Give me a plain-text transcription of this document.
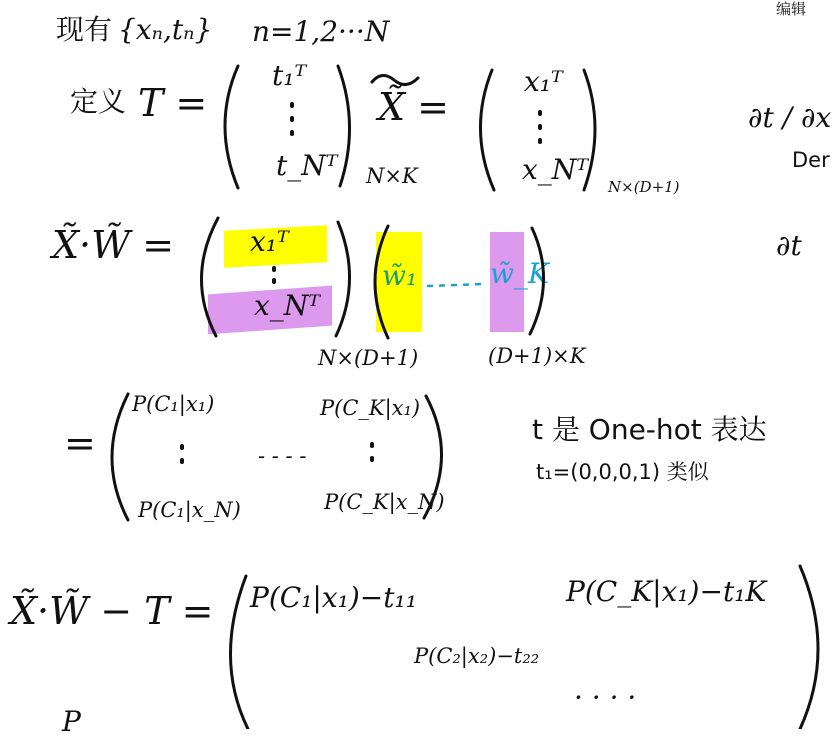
现有 {xₙ,tₙ} n=1,2···N
编辑
定义 T =
t₁ᵀ
t_Nᵀ N×K
X̃ =
x₁ᵀ
x_Nᵀ
N×(D+1)
∂t / ∂x
Der
∂t
X̃·W̃ =	x₁ᵀ
x_Nᵀ
w̃₁	w̃_K
N×(D+1)	(D+1)×K
=
P(C₁|x₁)	P(C_K|x₁)
P(C₁|x_N)	P(C_K|x_N)
- - - -
t 是 One-hot 表达
t₁=(0,0,0,1) 类似
X̃·W̃ − T = P(C₁|x₁)−t₁₁	P(C_K|x₁)−t₁K
P(C₂|x₂)−t₂₂
· · · ·
P
